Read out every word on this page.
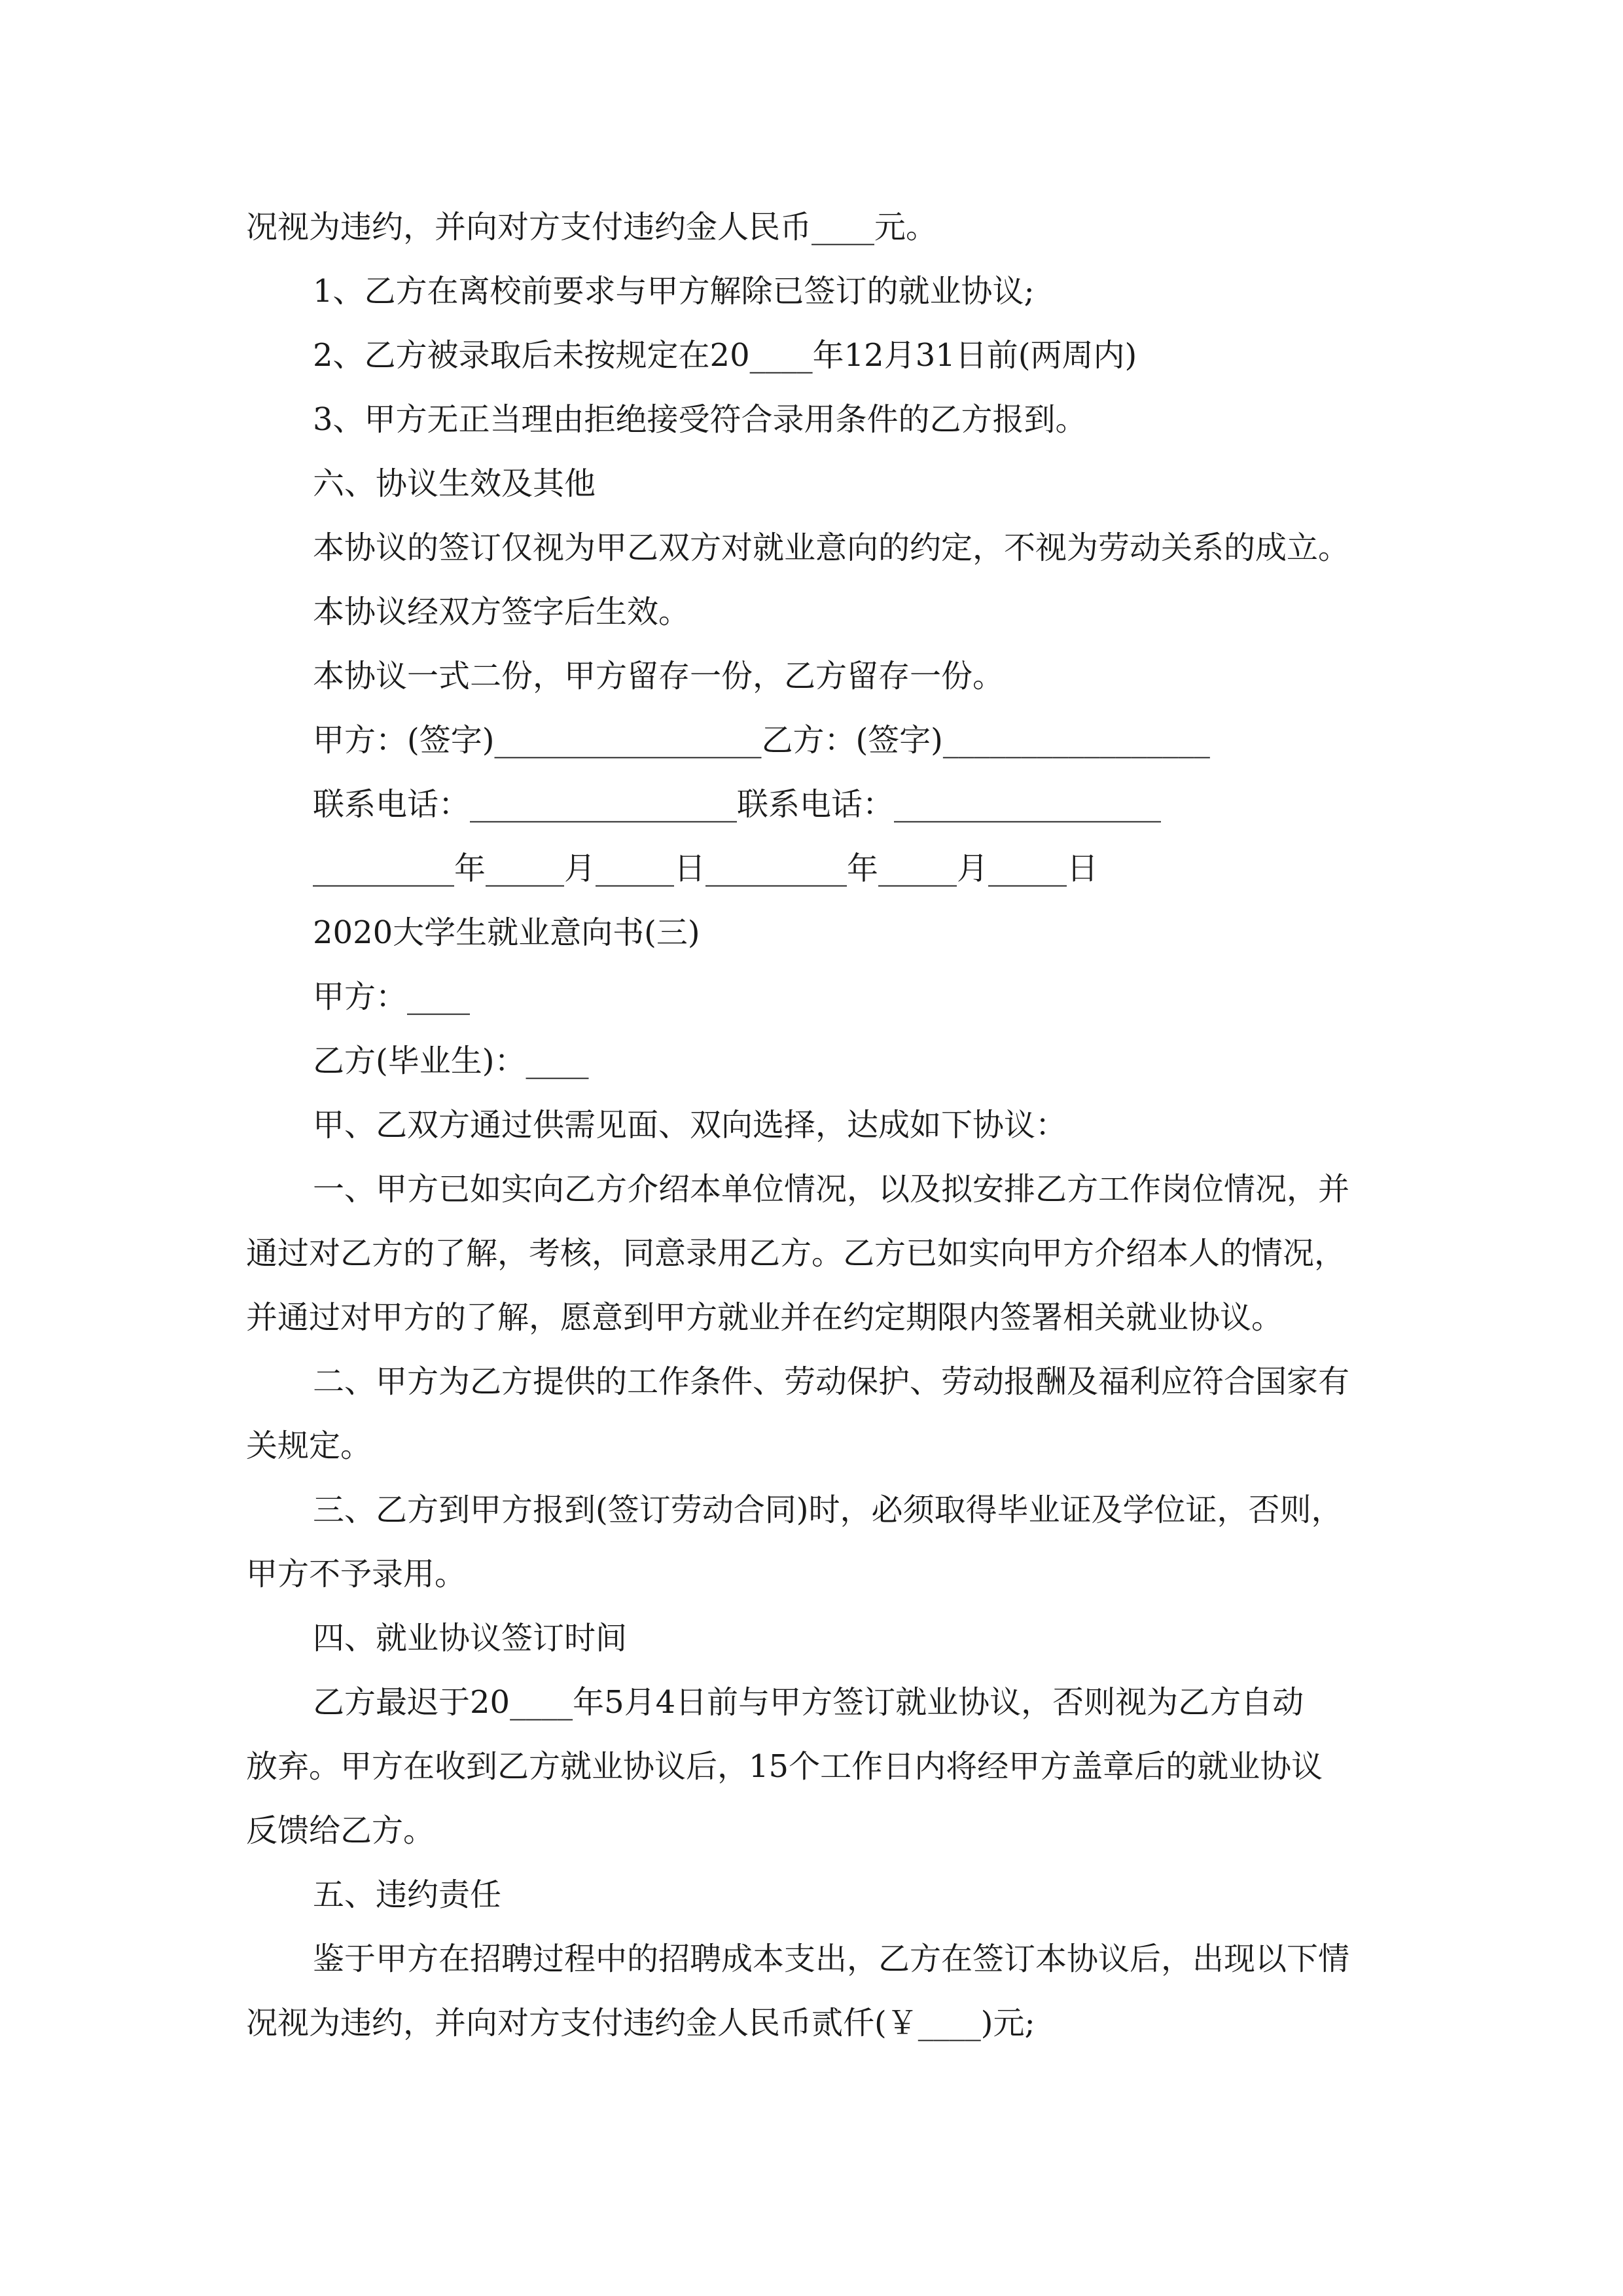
况视为违约，并向对方支付违约金人民币____元。

1、乙方在离校前要求与甲方解除已签订的就业协议;

2、乙方被录取后未按规定在20____年12月31日前(两周内)

3、甲方无正当理由拒绝接受符合录用条件的乙方报到。

六、协议生效及其他

本协议的签订仅视为甲乙双方对就业意向的约定，不视为劳动关系的成立。

本协议经双方签字后生效。

本协议一式二份，甲方留存一份，乙方留存一份。

甲方：(签字)_________________乙方：(签字)_________________

联系电话：_________________联系电话：_________________

_________年_____月_____日_________年_____月_____日

2020大学生就业意向书(三)

甲方：____

乙方(毕业生)：____

甲、乙双方通过供需见面、双向选择，达成如下协议：

一、甲方已如实向乙方介绍本单位情况，以及拟安排乙方工作岗位情况，并

通过对乙方的了解，考核，同意录用乙方。乙方已如实向甲方介绍本人的情况，

并通过对甲方的了解，愿意到甲方就业并在约定期限内签署相关就业协议。

二、甲方为乙方提供的工作条件、劳动保护、劳动报酬及福利应符合国家有

关规定。

三、乙方到甲方报到(签订劳动合同)时，必须取得毕业证及学位证，否则，

甲方不予录用。

四、就业协议签订时间

乙方最迟于20____年5月4日前与甲方签订就业协议，否则视为乙方自动

放弃。甲方在收到乙方就业协议后，15个工作日内将经甲方盖章后的就业协议

反馈给乙方。

五、违约责任

鉴于甲方在招聘过程中的招聘成本支出，乙方在签订本协议后，出现以下情

况视为违约，并向对方支付违约金人民币贰仟(￥____)元;
